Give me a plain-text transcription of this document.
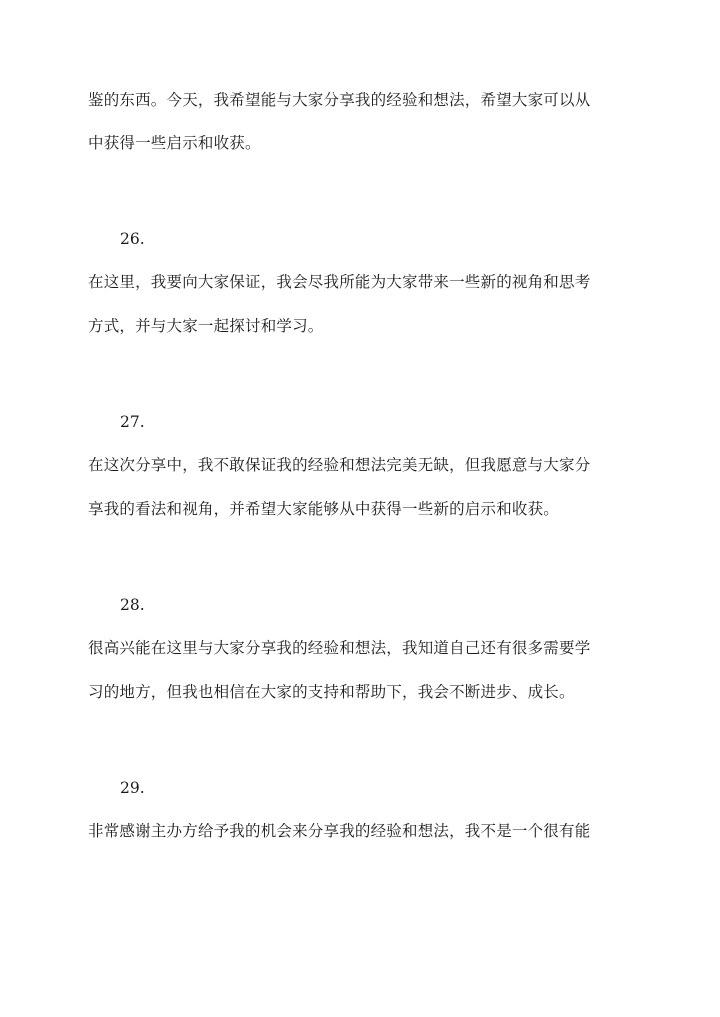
鉴的东西。今天，我希望能与大家分享我的经验和想法，希望大家可以从
中获得一些启示和收获。
26.
在这里，我要向大家保证，我会尽我所能为大家带来一些新的视角和思考
方式，并与大家一起探讨和学习。
27.
在这次分享中，我不敢保证我的经验和想法完美无缺，但我愿意与大家分
享我的看法和视角，并希望大家能够从中获得一些新的启示和收获。
28.
很高兴能在这里与大家分享我的经验和想法，我知道自己还有很多需要学
习的地方，但我也相信在大家的支持和帮助下，我会不断进步、成长。
29.
非常感谢主办方给予我的机会来分享我的经验和想法，我不是一个很有能
